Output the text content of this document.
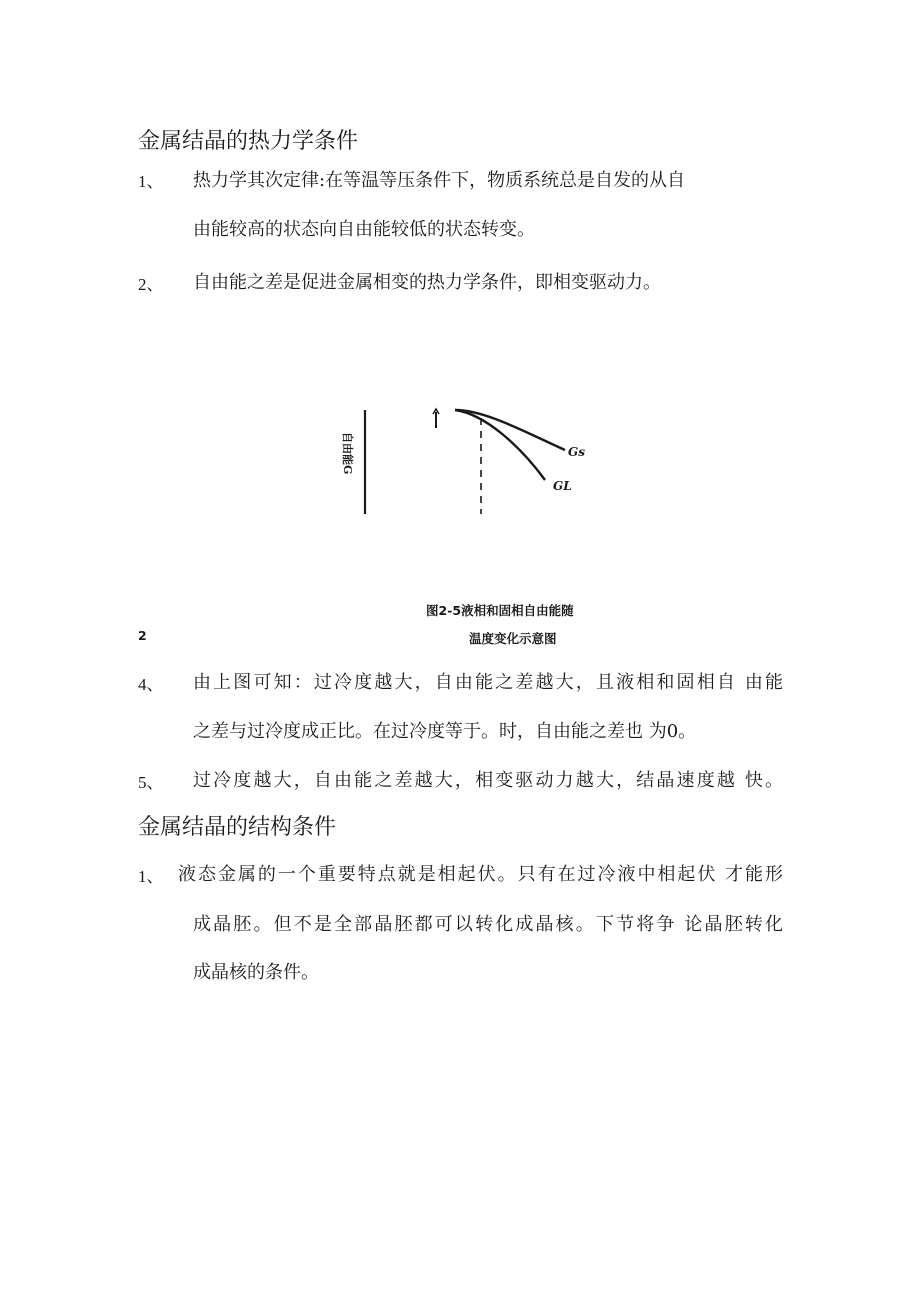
金属结晶的热力学条件
1、 热力学其次定律:在等温等压条件下，物质系统总是自发的从自
由能较高的状态向自由能较低的状态转变。
2、 自由能之差是促进金属相变的热力学条件，即相变驱动力。
自由能G	Gs
GL
图2-5液相和固相自由能随
2	温度变化示意图
4、 由上图可知：过冷度越大，自由能之差越大，且液相和固相自 由能
之差与过冷度成正比。在过冷度等于。时，自由能之差也 为0。
5、 过冷度越大，自由能之差越大，相变驱动力越大，结晶速度越 快。
金属结晶的结构条件
1、 液态金属的一个重要特点就是相起伏。只有在过冷液中相起伏 才能形
成晶胚。但不是全部晶胚都可以转化成晶核。下节将争 论晶胚转化
成晶核的条件。
